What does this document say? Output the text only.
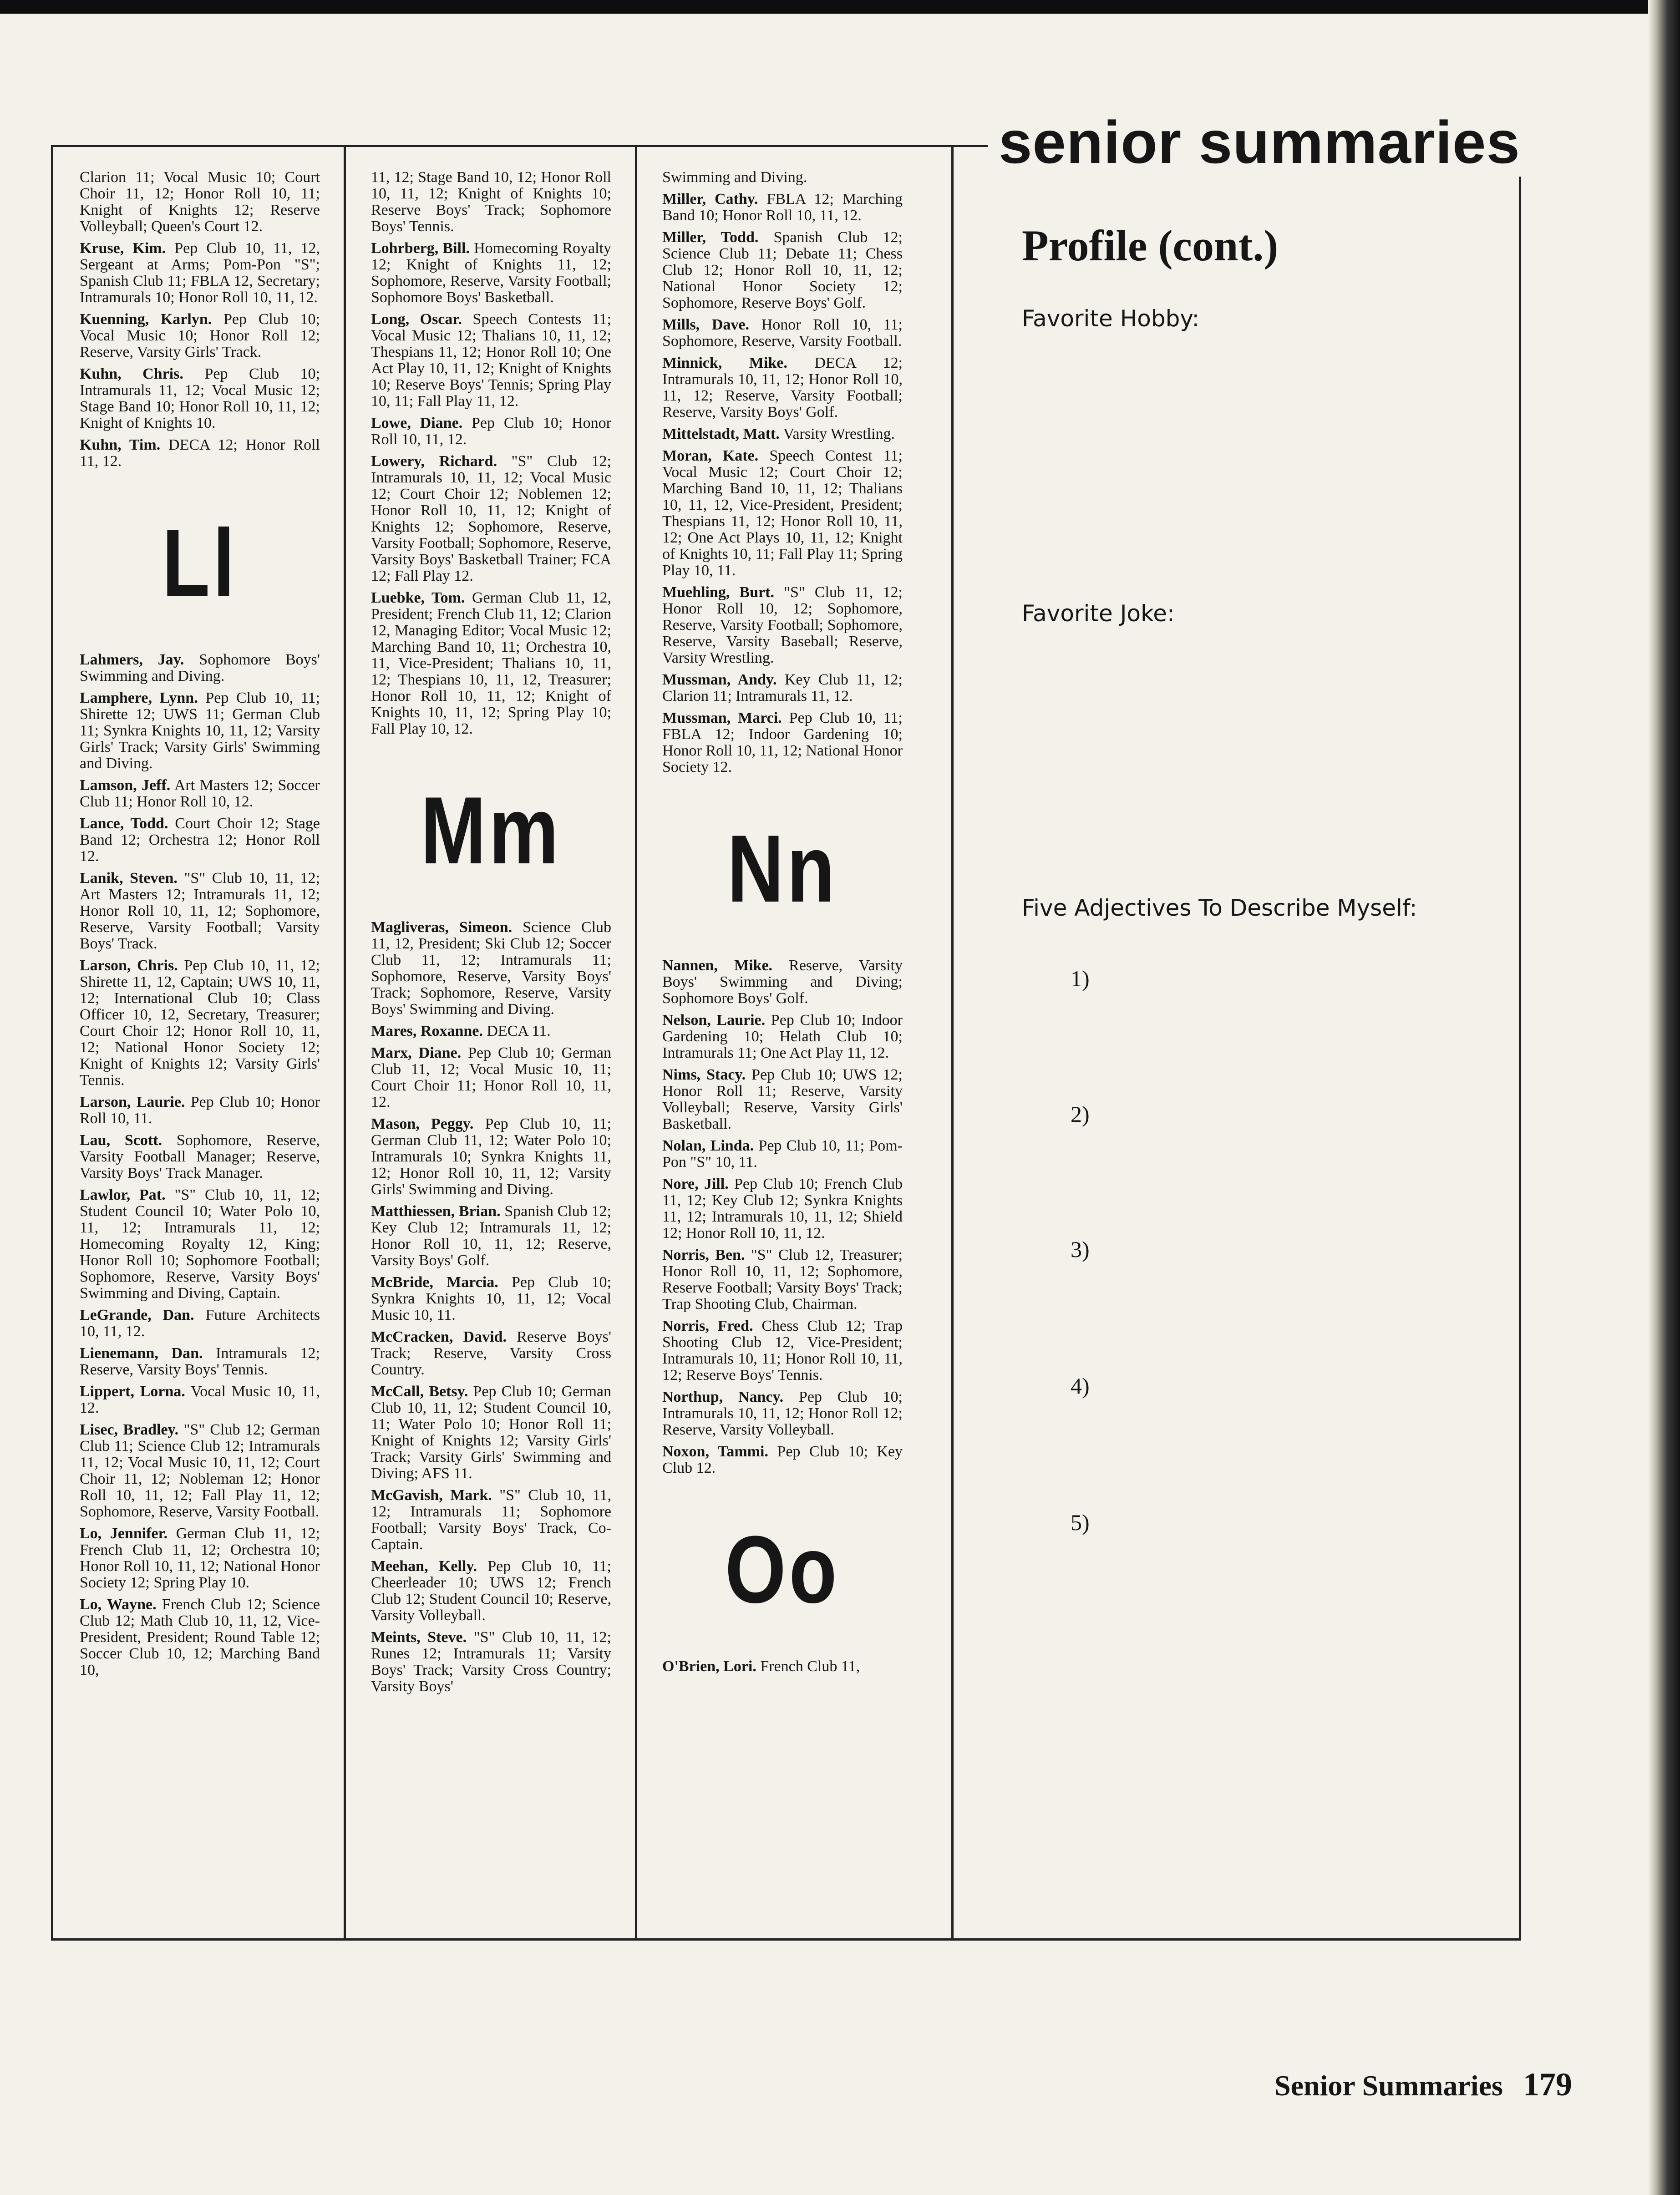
Clarion 11; Vocal Music 10; Court Choir 11, 12; Honor Roll 10, 11; Knight of Knights 12; Reserve Volleyball; Queen's Court 12.

Kruse, Kim. Pep Club 10, 11, 12, Sergeant at Arms; Pom-Pon "S"; Spanish Club 11; FBLA 12, Secretary; Intramurals 10; Honor Roll 10, 11, 12.

Kuenning, Karlyn. Pep Club 10; Vocal Music 10; Honor Roll 12; Reserve, Varsity Girls' Track.

Kuhn, Chris. Pep Club 10; Intramurals 11, 12; Vocal Music 12; Stage Band 10; Honor Roll 10, 11, 12; Knight of Knights 10.

Kuhn, Tim. DECA 12; Honor Roll 11, 12.

Ll

Lahmers, Jay. Sophomore Boys' Swimming and Diving.

Lamphere, Lynn. Pep Club 10, 11; Shirette 12; UWS 11; German Club 11; Synkra Knights 10, 11, 12; Varsity Girls' Track; Varsity Girls' Swimming and Diving.

Lamson, Jeff. Art Masters 12; Soccer Club 11; Honor Roll 10, 12.

Lance, Todd. Court Choir 12; Stage Band 12; Orchestra 12; Honor Roll 12.

Lanik, Steven. "S" Club 10, 11, 12; Art Masters 12; Intramurals 11, 12; Honor Roll 10, 11, 12; Sophomore, Reserve, Varsity Football; Varsity Boys' Track.

Larson, Chris. Pep Club 10, 11, 12; Shirette 11, 12, Captain; UWS 10, 11, 12; International Club 10; Class Officer 10, 12, Secretary, Treasurer; Court Choir 12; Honor Roll 10, 11, 12; National Honor Society 12; Knight of Knights 12; Varsity Girls' Tennis.

Larson, Laurie. Pep Club 10; Honor Roll 10, 11.

Lau, Scott. Sophomore, Reserve, Varsity Football Manager; Reserve, Varsity Boys' Track Manager.

Lawlor, Pat. "S" Club 10, 11, 12; Student Council 10; Water Polo 10, 11, 12; Intramurals 11, 12; Homecoming Royalty 12, King; Honor Roll 10; Sophomore Football; Sophomore, Reserve, Varsity Boys' Swimming and Diving, Captain.

LeGrande, Dan. Future Architects 10, 11, 12.

Lienemann, Dan. Intramurals 12; Reserve, Varsity Boys' Tennis.

Lippert, Lorna. Vocal Music 10, 11, 12.

Lisec, Bradley. "S" Club 12; German Club 11; Science Club 12; Intramurals 11, 12; Vocal Music 10, 11, 12; Court Choir 11, 12; Nobleman 12; Honor Roll 10, 11, 12; Fall Play 11, 12; Sophomore, Reserve, Varsity Football.

Lo, Jennifer. German Club 11, 12; French Club 11, 12; Orchestra 10; Honor Roll 10, 11, 12; National Honor Society 12; Spring Play 10.

Lo, Wayne. French Club 12; Science Club 12; Math Club 10, 11, 12, Vice-President, President; Round Table 12; Soccer Club 10, 12; Marching Band 10,

11, 12; Stage Band 10, 12; Honor Roll 10, 11, 12; Knight of Knights 10; Reserve Boys' Track; Sophomore Boys' Tennis.

Lohrberg, Bill. Homecoming Royalty 12; Knight of Knights 11, 12; Sophomore, Reserve, Varsity Football; Sophomore Boys' Basketball.

Long, Oscar. Speech Contests 11; Vocal Music 12; Thalians 10, 11, 12; Thespians 11, 12; Honor Roll 10; One Act Play 10, 11, 12; Knight of Knights 10; Reserve Boys' Tennis; Spring Play 10, 11; Fall Play 11, 12.

Lowe, Diane. Pep Club 10; Honor Roll 10, 11, 12.

Lowery, Richard. "S" Club 12; Intramurals 10, 11, 12; Vocal Music 12; Court Choir 12; Noblemen 12; Honor Roll 10, 11, 12; Knight of Knights 12; Sophomore, Reserve, Varsity Football; Sophomore, Reserve, Varsity Boys' Basketball Trainer; FCA 12; Fall Play 12.

Luebke, Tom. German Club 11, 12, President; French Club 11, 12; Clarion 12, Managing Editor; Vocal Music 12; Marching Band 10, 11; Orchestra 10, 11, Vice-President; Thalians 10, 11, 12; Thespians 10, 11, 12, Treasurer; Honor Roll 10, 11, 12; Knight of Knights 10, 11, 12; Spring Play 10; Fall Play 10, 12.

Mm

Magliveras, Simeon. Science Club 11, 12, President; Ski Club 12; Soccer Club 11, 12; Intramurals 11; Sophomore, Reserve, Varsity Boys' Track; Sophomore, Reserve, Varsity Boys' Swimming and Diving.

Mares, Roxanne. DECA 11.

Marx, Diane. Pep Club 10; German Club 11, 12; Vocal Music 10, 11; Court Choir 11; Honor Roll 10, 11, 12.

Mason, Peggy. Pep Club 10, 11; German Club 11, 12; Water Polo 10; Intramurals 10; Synkra Knights 11, 12; Honor Roll 10, 11, 12; Varsity Girls' Swimming and Diving.

Matthiessen, Brian. Spanish Club 12; Key Club 12; Intramurals 11, 12; Honor Roll 10, 11, 12; Reserve, Varsity Boys' Golf.

McBride, Marcia. Pep Club 10; Synkra Knights 10, 11, 12; Vocal Music 10, 11.

McCracken, David. Reserve Boys' Track; Reserve, Varsity Cross Country.

McCall, Betsy. Pep Club 10; German Club 10, 11, 12; Student Council 10, 11; Water Polo 10; Honor Roll 11; Knight of Knights 12; Varsity Girls' Track; Varsity Girls' Swimming and Diving; AFS 11.

McGavish, Mark. "S" Club 10, 11, 12; Intramurals 11; Sophomore Football; Varsity Boys' Track, Co-Captain.

Meehan, Kelly. Pep Club 10, 11; Cheerleader 10; UWS 12; French Club 12; Student Council 10; Reserve, Varsity Volleyball.

Meints, Steve. "S" Club 10, 11, 12; Runes 12; Intramurals 11; Varsity Boys' Track; Varsity Cross Country; Varsity Boys'

Swimming and Diving.

Miller, Cathy. FBLA 12; Marching Band 10; Honor Roll 10, 11, 12.

Miller, Todd. Spanish Club 12; Science Club 11; Debate 11; Chess Club 12; Honor Roll 10, 11, 12; National Honor Society 12; Sophomore, Reserve Boys' Golf.

Mills, Dave. Honor Roll 10, 11; Sophomore, Reserve, Varsity Football.

Minnick, Mike. DECA 12; Intramurals 10, 11, 12; Honor Roll 10, 11, 12; Reserve, Varsity Football; Reserve, Varsity Boys' Golf.

Mittelstadt, Matt. Varsity Wrestling.

Moran, Kate. Speech Contest 11; Vocal Music 12; Court Choir 12; Marching Band 10, 11, 12; Thalians 10, 11, 12, Vice-President, President; Thespians 11, 12; Honor Roll 10, 11, 12; One Act Plays 10, 11, 12; Knight of Knights 10, 11; Fall Play 11; Spring Play 10, 11.

Muehling, Burt. "S" Club 11, 12; Honor Roll 10, 12; Sophomore, Reserve, Varsity Football; Sophomore, Reserve, Varsity Baseball; Reserve, Varsity Wrestling.

Mussman, Andy. Key Club 11, 12; Clarion 11; Intramurals 11, 12.

Mussman, Marci. Pep Club 10, 11; FBLA 12; Indoor Gardening 10; Honor Roll 10, 11, 12; National Honor Society 12.

Nn

Nannen, Mike. Reserve, Varsity Boys' Swimming and Diving; Sophomore Boys' Golf.

Nelson, Laurie. Pep Club 10; Indoor Gardening 10; Helath Club 10; Intramurals 11; One Act Play 11, 12.

Nims, Stacy. Pep Club 10; UWS 12; Honor Roll 11; Reserve, Varsity Volleyball; Reserve, Varsity Girls' Basketball.

Nolan, Linda. Pep Club 10, 11; Pom-Pon "S" 10, 11.

Nore, Jill. Pep Club 10; French Club 11, 12; Key Club 12; Synkra Knights 11, 12; Intramurals 10, 11, 12; Shield 12; Honor Roll 10, 11, 12.

Norris, Ben. "S" Club 12, Treasurer; Honor Roll 10, 11, 12; Sophomore, Reserve Football; Varsity Boys' Track; Trap Shooting Club, Chairman.

Norris, Fred. Chess Club 12; Trap Shooting Club 12, Vice-President; Intramurals 10, 11; Honor Roll 10, 11, 12; Reserve Boys' Tennis.

Northup, Nancy. Pep Club 10; Intramurals 10, 11, 12; Honor Roll 12; Reserve, Varsity Volleyball.

Noxon, Tammi. Pep Club 10; Key Club 12.

Oo

O'Brien, Lori. French Club 11,

senior summaries
Profile (cont.)
Favorite Hobby:
Favorite Joke:
Five Adjectives To Describe Myself:
1)
2)
3)
4)
5)
Senior Summaries 179
